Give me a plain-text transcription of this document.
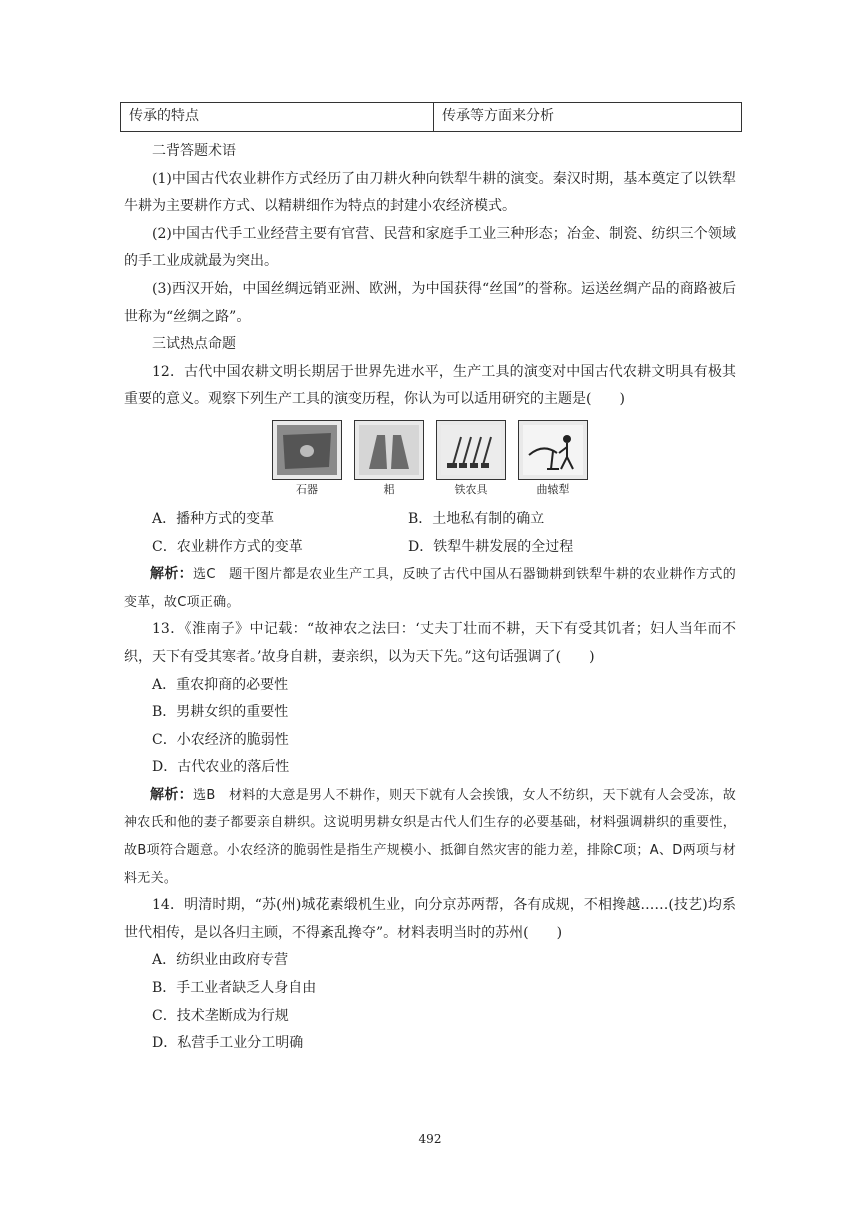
传承的特点	传承等方面来分析

二背答题术语

(1)中国古代农业耕作方式经历了由刀耕火种向铁犁牛耕的演变。秦汉时期，基本奠定了以铁犁牛耕为主要耕作方式、以精耕细作为特点的封建小农经济模式。

(2)中国古代手工业经营主要有官营、民营和家庭手工业三种形态；冶金、制瓷、纺织三个领域的手工业成就最为突出。

(3)西汉开始，中国丝绸远销亚洲、欧洲，为中国获得“丝国”的誉称。运送丝绸产品的商路被后世称为“丝绸之路”。

三试热点命题

12．古代中国农耕文明长期居于世界先进水平，生产工具的演变对中国古代农耕文明具有极其重要的意义。观察下列生产工具的演变历程，你认为可以适用研究的主题是(　　)

石器	耜	铁农具	曲辕犁
A．播种方式的变革	B．土地私有制的确立
C．农业耕作方式的变革	D．铁犁牛耕发展的全过程

解析：选C　题干图片都是农业生产工具，反映了古代中国从石器锄耕到铁犁牛耕的农业耕作方式的变革，故C项正确。

13．《淮南子》中记载：“故神农之法曰：‘丈夫丁壮而不耕，天下有受其饥者；妇人当年而不织，天下有受其寒者。’故身自耕，妻亲织，以为天下先。”这句话强调了(　　)

A．重农抑商的必要性

B．男耕女织的重要性

C．小农经济的脆弱性

D．古代农业的落后性

解析：选B　材料的大意是男人不耕作，则天下就有人会挨饿，女人不纺织，天下就有人会受冻，故神农氏和他的妻子都要亲自耕织。这说明男耕女织是古代人们生存的必要基础，材料强调耕织的重要性，故B项符合题意。小农经济的脆弱性是指生产规模小、抵御自然灾害的能力差，排除C项；A、D两项与材料无关。

14．明清时期，“苏(州)城花素缎机生业，向分京苏两帮，各有成规，不相搀越……(技艺)均系世代相传，是以各归主顾，不得紊乱搀夺”。材料表明当时的苏州(　　)

A．纺织业由政府专营

B．手工业者缺乏人身自由

C．技术垄断成为行规

D．私营手工业分工明确

492
